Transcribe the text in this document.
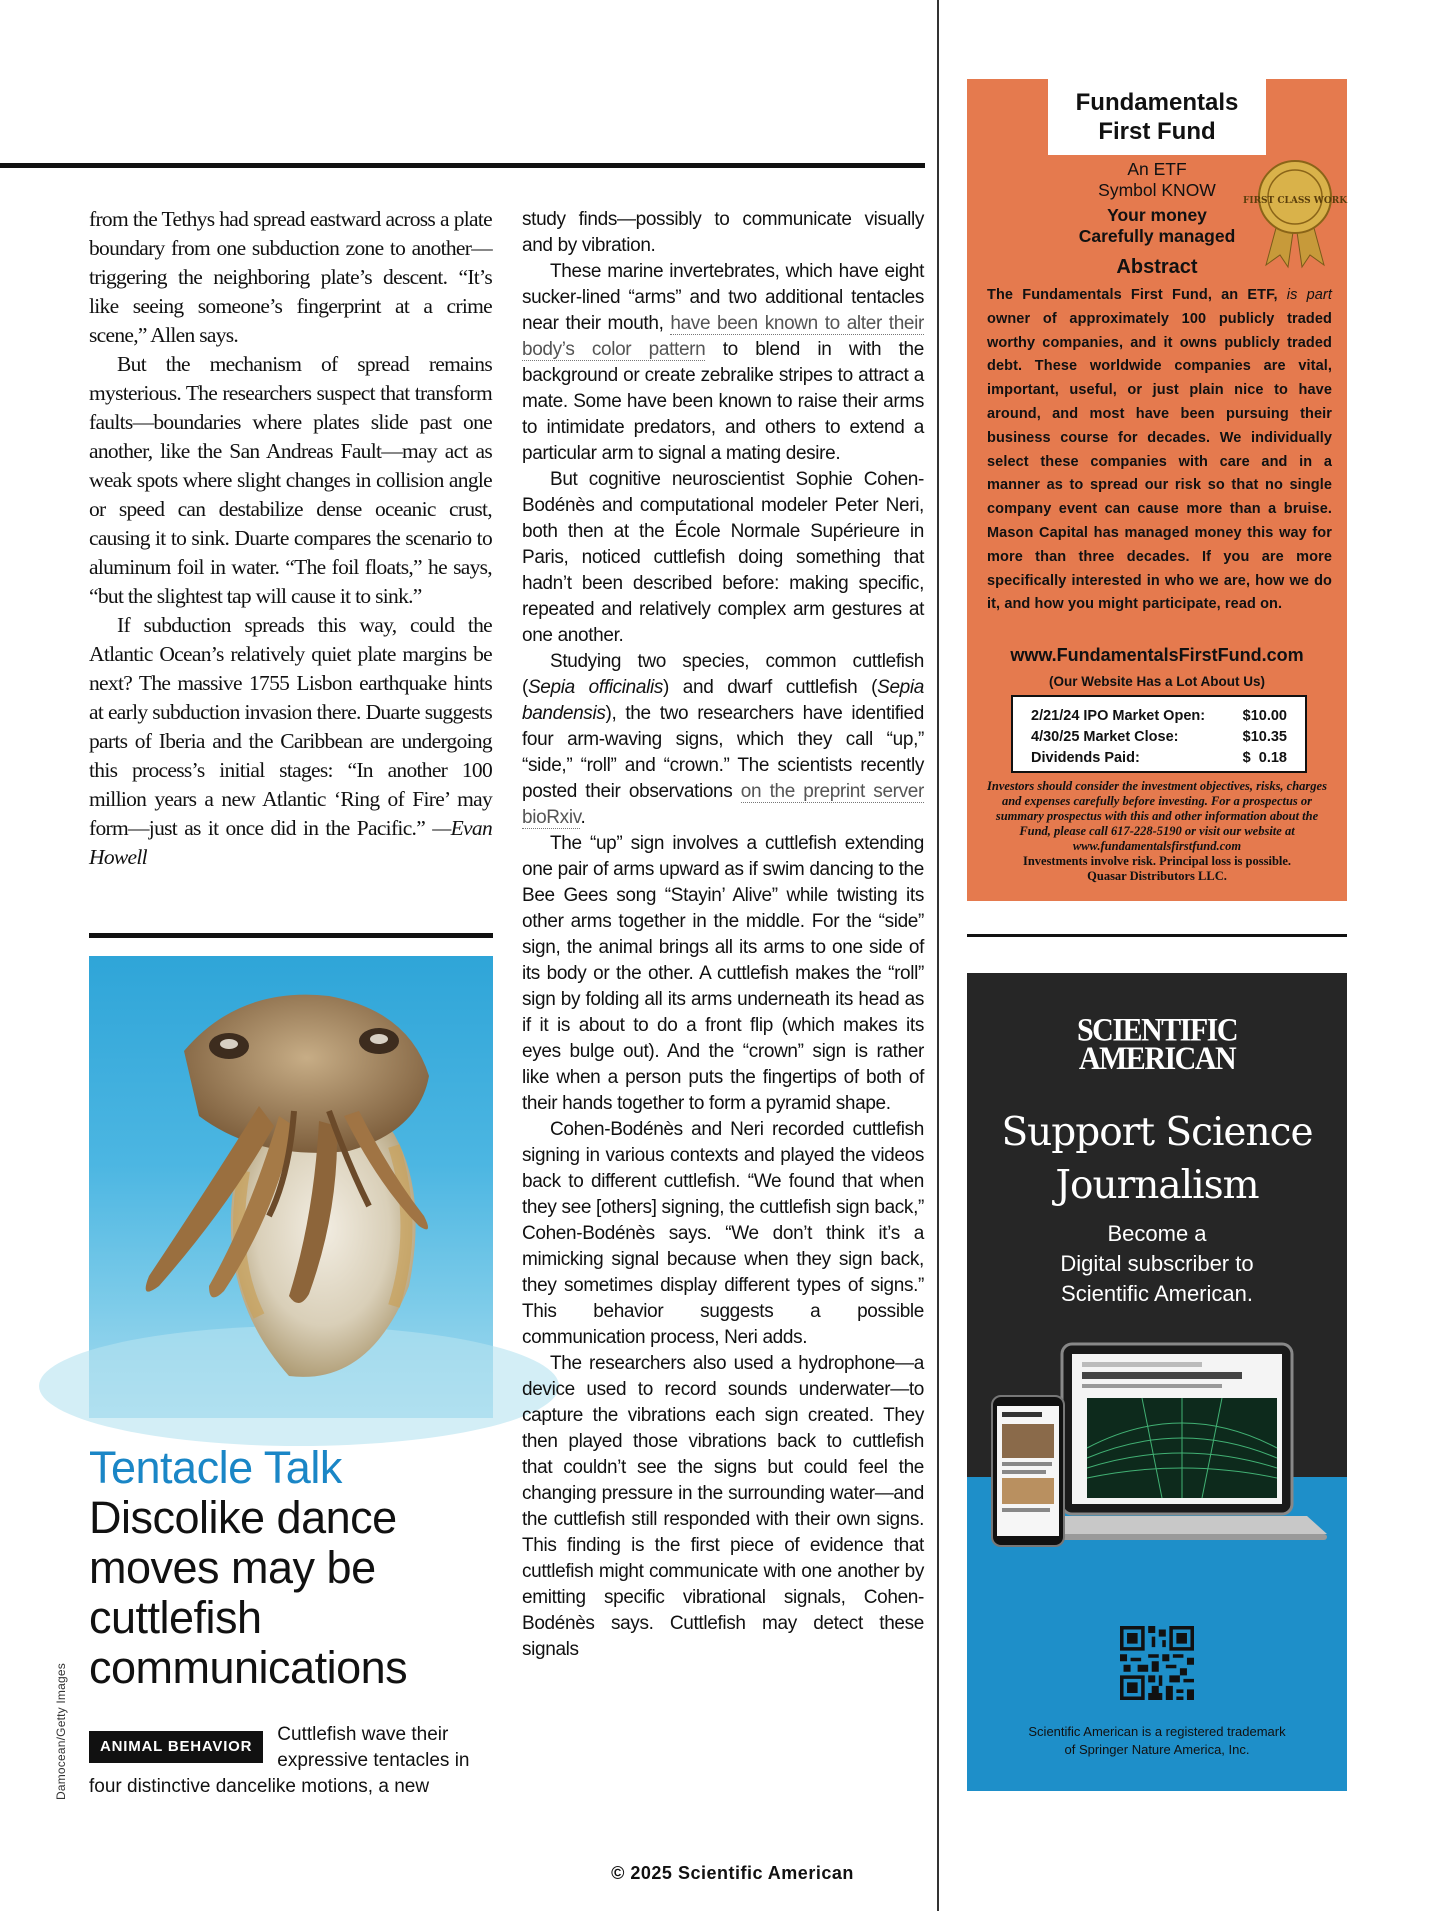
from the Tethys had spread eastward across a plate boundary from one subduction zone to another—triggering the neighboring plate’s descent. “It’s like seeing someone’s fingerprint at a crime scene,” Allen says.

But the mechanism of spread remains mysterious. The researchers suspect that transform faults—boundaries where plates slide past one another, like the San Andreas Fault—may act as weak spots where slight changes in collision angle or speed can destabilize dense oceanic crust, causing it to sink. Duarte compares the scenario to aluminum foil in water. “The foil floats,” he says, “but the slightest tap will cause it to sink.”

If subduction spreads this way, could the Atlantic Ocean’s relatively quiet plate margins be next? The massive 1755 Lisbon earthquake hints at early subduction invasion there. Duarte suggests parts of Iberia and the Caribbean are undergoing this process’s initial stages: “In another 100 million years a new Atlantic ‘Ring of Fire’ may form—just as it once did in the Pacific.” —Evan Howell

Damocean/Getty Images
Tentacle Talk
Discolike dance moves may be cuttlefish communications
ANIMAL BEHAVIOR
Cuttlefish wave their expressive tentacles in four distinctive dancelike motions, a new

study finds—possibly to communicate visually and by vibration.

These marine invertebrates, which have eight sucker-lined “arms” and two additional tentacles near their mouth, have been known to alter their body’s color pattern to blend in with the background or create zebralike stripes to attract a mate. Some have been known to raise their arms to intimidate predators, and others to extend a particular arm to signal a mating desire.

But cognitive neuroscientist Sophie Cohen-Bodénès and computational modeler Peter Neri, both then at the École Normale Supérieure in Paris, noticed cuttlefish doing something that hadn’t been described before: making specific, repeated and relatively complex arm gestures at one another.

Studying two species, common cuttlefish (Sepia officinalis) and dwarf cuttlefish (Sepia bandensis), the two researchers have identified four arm-waving signs, which they call “up,” “side,” “roll” and “crown.” The scientists recently posted their observations on the preprint server bioRxiv.

The “up” sign involves a cuttlefish extending one pair of arms upward as if swim dancing to the Bee Gees song “Stayin’ Alive” while twisting its other arms together in the middle. For the “side” sign, the animal brings all its arms to one side of its body or the other. A cuttlefish makes the “roll” sign by folding all its arms underneath its head as if it is about to do a front flip (which makes its eyes bulge out). And the “crown” sign is rather like when a person puts the fingertips of both of their hands together to form a pyramid shape.

Cohen-Bodénès and Neri recorded cuttlefish signing in various contexts and played the videos back to different cuttlefish. “We found that when they see [others] signing, the cuttlefish sign back,” Cohen-Bodénès says. “We don’t think it’s a mimicking signal because when they sign back, they sometimes display different types of signs.” This behavior suggests a possible communication process, Neri adds.

The researchers also used a hydrophone—a device used to record sounds underwater—to capture the vibrations each sign created. They then played those vibrations back to cuttlefish that couldn’t see the signs but could feel the changing pressure in the surrounding water—and the cuttlefish still responded with their own signs. This finding is the first piece of evidence that cuttlefish might communicate with one another by emitting specific vibrational signals, Cohen-Bodénès says. Cuttlefish may detect these signals

Fundamentals
First Fund
FIRST CLASS WORK
An ETF
Symbol KNOW
Your money
Carefully managed
Abstract
The Fundamentals First Fund, an ETF, is part owner of approximately 100 publicly traded worthy companies, and it owns publicly traded debt. These worldwide companies are vital, important, useful, or just plain nice to have around, and most have been pursuing their business course for decades. We individually select these companies with care and in a manner as to spread our risk so that no single company event can cause more than a bruise. Mason Capital has managed money this way for more than three decades. If you are more specifically interested in who we are, how we do it, and how you might participate, read on.
www.FundamentalsFirstFund.com
(Our Website Has a Lot About Us)
2/21/24 IPO Market Open:	$10.00
4/30/25 Market Close:	$10.35
Dividends Paid:	$  0.18
Investors should consider the investment objectives, risks, charges and expenses carefully before investing. For a prospectus or summary prospectus with this and other information about the Fund, please call 617-228-5190 or visit our website at www.fundamentalsfirstfund.com
Investments involve risk. Principal loss is possible.
Quasar Distributors LLC.
SCIENTIFIC
AMERICAN
Support Science
Journalism
Become a
Digital subscriber to
Scientific American.
Scientific American is a registered trademark
of Springer Nature America, Inc.
© 2025 Scientific American
